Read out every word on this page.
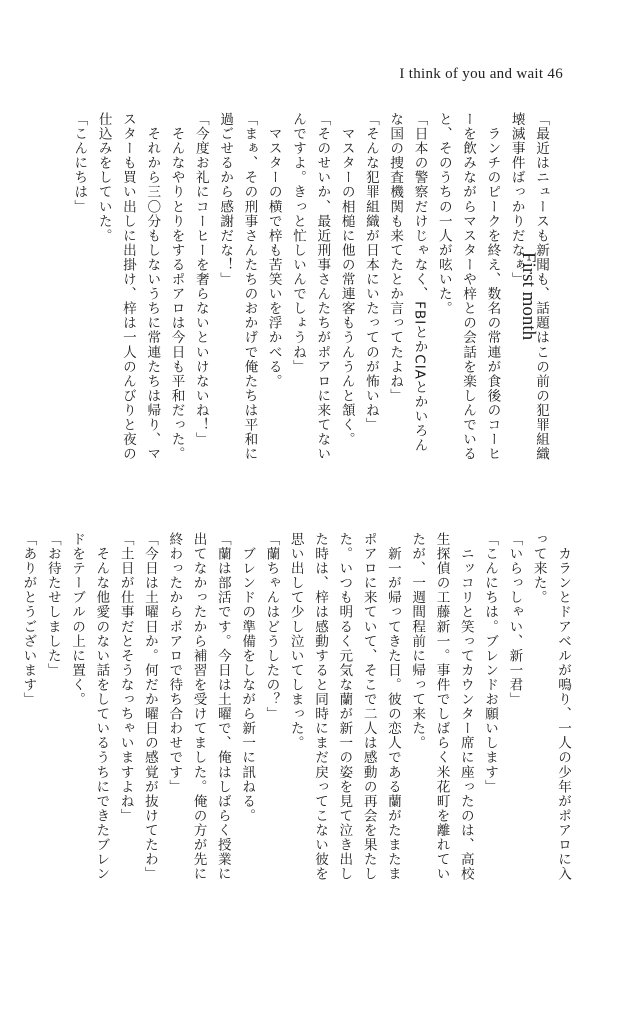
I think of you and wait 46
First month

「最近はニュースも新聞も、話題はこの前の犯罪組織

壊滅事件ばっかりだなぁ」

　ランチのピークを終え、数名の常連が食後のコーヒ

ーを飲みながらマスターや梓との会話を楽しんでいる

と、そのうちの一人が呟いた。

「日本の警察だけじゃなく、FBIとかCIAとかいろん

な国の捜査機関も来てたとか言ってたよね」

「そんな犯罪組織が日本にいたってのが怖いね」

　マスターの相槌に他の常連客もうんうんと頷く。

「そのせいか、最近刑事さんたちがポアロに来てない

んですよ。きっと忙しいんでしょうね」

　マスターの横で梓も苦笑いを浮かべる。

「まぁ、その刑事さんたちのおかげで俺たちは平和に

過ごせるから感謝だな！」

「今度お礼にコーヒーを奢らないといけないね！」

　そんなやりとりをするポアロは今日も平和だった。

　それから三〇分もしないうちに常連たちは帰り、マ

スターも買い出しに出掛け、梓は一人のんびりと夜の

仕込みをしていた。

「こんにちは」

　カランとドアベルが鳴り、一人の少年がポアロに入

って来た。

「いらっしゃい、新一君」

「こんにちは。ブレンドお願いします」

　ニッコリと笑ってカウンター席に座ったのは、高校

生探偵の工藤新一。事件でしばらく米花町を離れてい

たが、一週間程前に帰って来た。

　新一が帰ってきた日。彼の恋人である蘭がたまたま

ポアロに来ていて、そこで二人は感動の再会を果たし

た。いつも明るく元気な蘭が新一の姿を見て泣き出し

た時は、梓は感動すると同時にまだ戻ってこない彼を

思い出して少し泣いてしまった。

「蘭ちゃんはどうしたの？」

　ブレンドの準備をしながら新一に訊ねる。

「蘭は部活です。今日は土曜で、俺はしばらく授業に

出てなかったから補習を受けてました。俺の方が先に

終わったからポアロで待ち合わせです」

「今日は土曜日か。何だか曜日の感覚が抜けてたわ」

「土日が仕事だとそうなっちゃいますよね」

　そんな他愛のない話をしているうちにできたブレン

ドをテーブルの上に置く。

「お待たせしました」

「ありがとうございます」
